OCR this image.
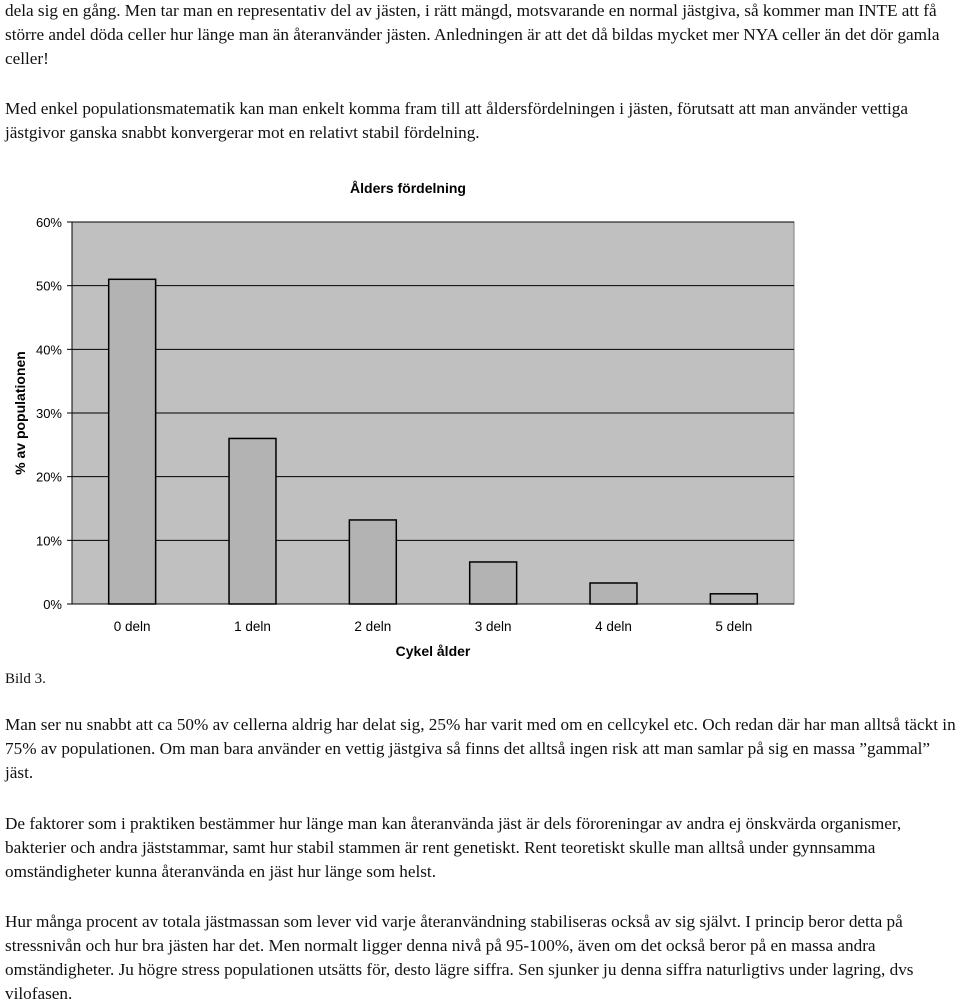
dela sig en gång. Men tar man en representativ del av jästen, i rätt mängd, motsvarande en normal jästgiva, så kommer man INTE att få större andel döda celler hur länge man än återanvänder jästen. Anledningen är att det då bildas mycket mer NYA celler än det dör gamla celler!

Med enkel populationsmatematik kan man enkelt komma fram till att åldersfördelningen i jästen, förutsatt att man använder vettiga jästgivor ganska snabbt konvergerar mot en relativt stabil fördelning.

Ålders fördelning
0%
10%
20%
30%
40%
50%
60%
0 deln	1 deln	2 deln	3 deln	4 deln	5 deln
Cykel ålder
% av populationen

Bild 3.

Man ser nu snabbt att ca 50% av cellerna aldrig har delat sig, 25% har varit med om en cellcykel etc. Och redan där har man alltså täckt in 75% av populationen. Om man bara använder en vettig jästgiva så finns det alltså ingen risk att man samlar på sig en massa ”gammal” jäst.

De faktorer som i praktiken bestämmer hur länge man kan återanvända jäst är dels föroreningar av andra ej önskvärda organismer, bakterier och andra jäststammar, samt hur stabil stammen är rent genetiskt. Rent teoretiskt skulle man alltså under gynnsamma omständigheter kunna återanvända en jäst hur länge som helst.

Hur många procent av totala jästmassan som lever vid varje återanvändning stabiliseras också av sig självt. I princip beror detta på stressnivån och hur bra jästen har det. Men normalt ligger denna nivå på 95-100%, även om det också beror på en massa andra omständigheter. Ju högre stress populationen utsätts för, desto lägre siffra. Sen sjunker ju denna siffra naturligtivs under lagring, dvs vilofasen.
